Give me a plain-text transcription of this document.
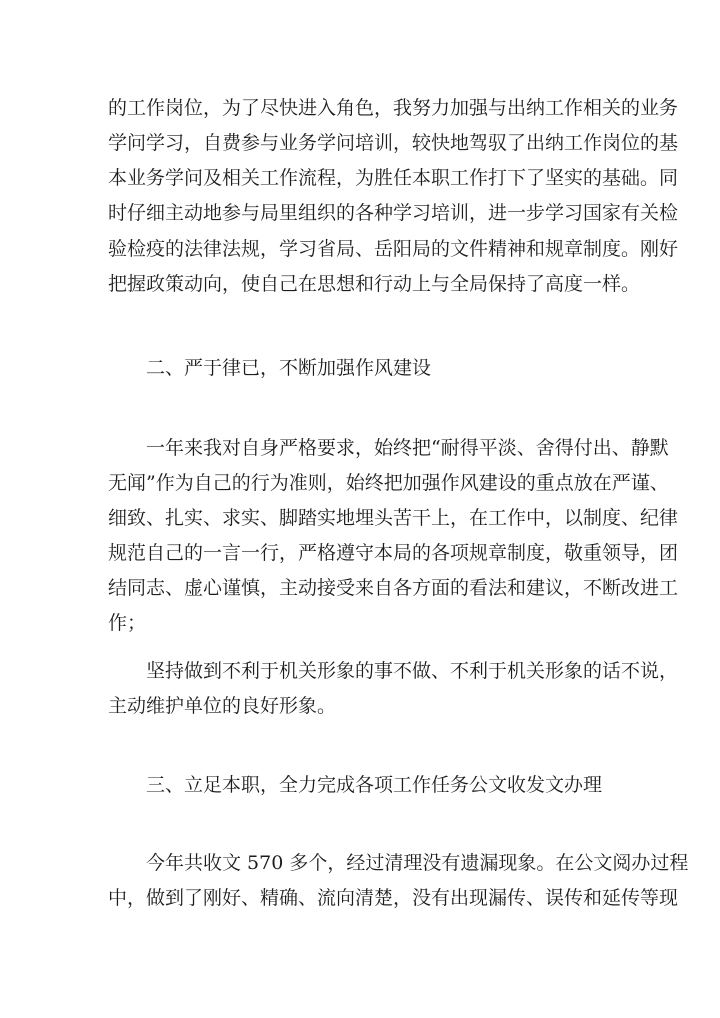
的工作岗位，为了尽快进入角色，我努力加强与出纳工作相关的业务
学问学习，自费参与业务学问培训，较快地驾驭了出纳工作岗位的基
本业务学问及相关工作流程，为胜任本职工作打下了坚实的基础。同
时仔细主动地参与局里组织的各种学习培训，进一步学习国家有关检
验检疫的法律法规，学习省局、岳阳局的文件精神和规章制度。刚好
把握政策动向，使自己在思想和行动上与全局保持了高度一样。
二、严于律已，不断加强作风建设
一年来我对自身严格要求，始终把“耐得平淡、舍得付出、静默
无闻”作为自己的行为准则，始终把加强作风建设的重点放在严谨、
细致、扎实、求实、脚踏实地埋头苦干上，在工作中，以制度、纪律
规范自己的一言一行，严格遵守本局的各项规章制度，敬重领导，团
结同志、虚心谨慎，主动接受来自各方面的看法和建议，不断改进工
作；
坚持做到不利于机关形象的事不做、不利于机关形象的话不说，
主动维护单位的良好形象。
三、立足本职，全力完成各项工作任务公文收发文办理
今年共收文 570 多个，经过清理没有遗漏现象。在公文阅办过程
中，做到了刚好、精确、流向清楚，没有出现漏传、误传和延传等现
